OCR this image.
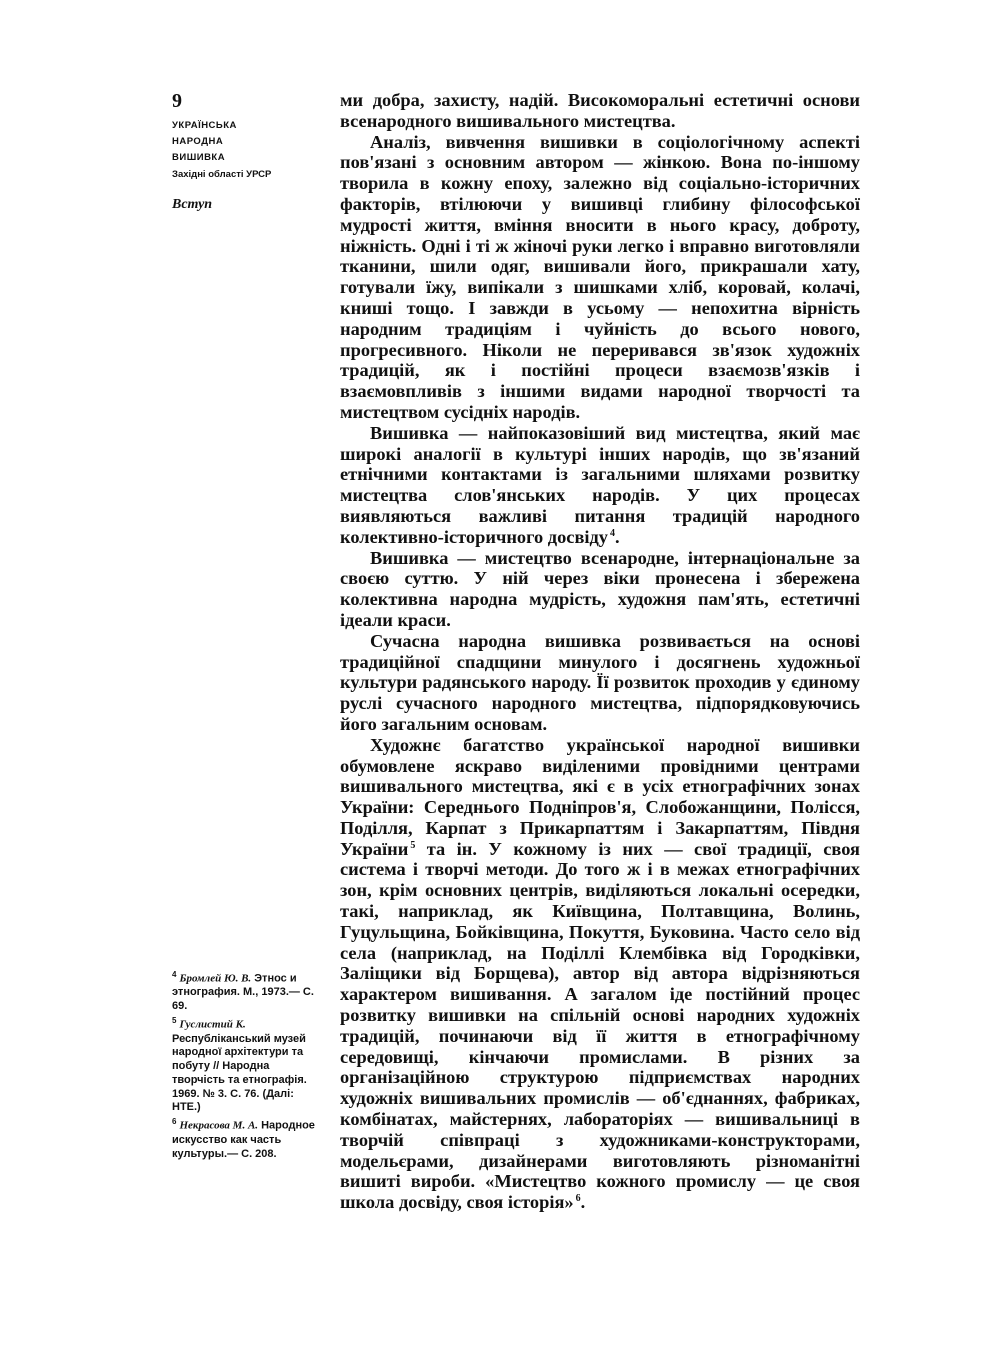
9
УКРАЇНСЬКА
НАРОДНА
ВИШИВКА
Західні області УРСР
Вступ

ми добра, захисту, надій. Високоморальні естетичні основи всенародного вишивального мистецтва.

Аналіз, вивчення вишивки в соціологічному аспекті пов'язані з основним автором — жінкою. Вона по-іншому творила в кожну епоху, залежно від соціально-історичних факторів, втілюючи у вишивці глибину філософської мудрості життя, вміння вносити в нього красу, доброту, ніжність. Одні і ті ж жіночі руки легко і вправно виготовляли тканини, шили одяг, вишивали його, прикрашали хату, готували їжу, випікали з шишками хліб, коровай, колачі, книші тощо. І завжди в усьому — непохитна вірність народним традиціям і чуйність до всього нового, прогресивного. Ніколи не переривався зв'язок художніх традицій, як і постійні процеси взаємозв'язків і взаємовпливів з іншими видами народної творчості та мистецтвом сусідніх народів.

Вишивка — найпоказовіший вид мистецтва, який має широкі аналогії в культурі інших народів, що зв'язаний етнічними контактами із загальними шляхами розвитку мистецтва слов'янських народів. У цих процесах виявляються важливі питання традицій народного колективно-історичного досвіду $^4$.

Вишивка — мистецтво всенародне, інтернаціональне за своєю суттю. У ній через віки пронесена і збережена колективна народна мудрість, художня пам'ять, естетичні ідеали краси.

Сучасна народна вишивка розвивається на основі традиційної спадщини минулого і досягнень художньої культури радянського народу. Її розвиток проходив у єдиному руслі сучасного народного мистецтва, підпорядковуючись його загальним основам.

Художнє багатство української народної вишивки обумовлене яскраво виділеними провідними центрами вишивального мистецтва, які є в усіх етнографічних зонах України: Середнього Подніпров'я, Слобожанщини, Полісся, Поділля, Карпат з Прикарпаттям і Закарпаттям, Півдня України $^5$ та ін. У кожному із них — свої традиції, своя система і творчі методи. До того ж і в межах етнографічних зон, крім основних центрів, виділяються локальні осередки, такі, наприклад, як Київщина, Полтавщина, Волинь, Гуцульщина, Бойківщина, Покуття, Буковина. Часто село від села (наприклад, на Поділлі Клембівка від Городківки, Заліщики від Борщева), автор від автора відрізняються характером вишивання. А загалом іде постійний процес розвитку вишивки на спільній основі народних художніх традицій, починаючи від її життя в етнографічному середовищі, кінчаючи промислами. В різних за організаційною структурою підприємствах народних художніх вишивальних промислів — об'єднаннях, фабриках, комбінатах, майстернях, лабораторіях — вишивальниці в творчій співпраці з художниками-конструкторами, модельєрами, дизайнерами виготовляють різноманітні вишиті вироби. «Мистецтво кожного промислу — це своя школа досвіду, своя історія» $^6$.

$^4$ Бромлей Ю. В. Этнос и этнография. М., 1973.— С. 69.

$^5$ Гуслистий К. Республіканський музей народної архітектури та побуту // Народна творчість та етнографія. 1969. № 3. С. 76. (Далі: НТЕ.)

$^6$ Некрасова М. А. Народное искусство как часть культуры.— С. 208.
